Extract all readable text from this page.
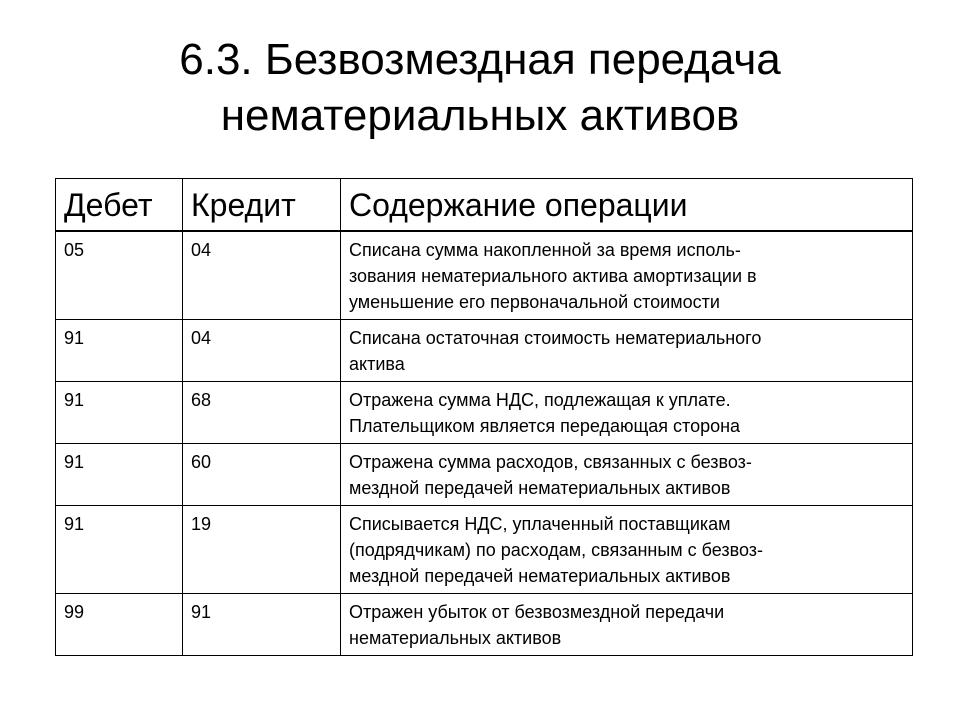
6.3. Безвозмездная передача
нематериальных активов
Дебет	Кредит	Содержание операции
05	04	Списана сумма накопленной за время исполь-
зования нематериального актива амортизации в
уменьшение его первоначальной стоимости
91	04	Списана остаточная стоимость нематериального
актива
91	68	Отражена сумма НДС, подлежащая к уплате.
Плательщиком является передающая сторона
91	60	Отражена сумма расходов, связанных с безвоз-
мездной передачей нематериальных активов
91	19	Списывается НДС, уплаченный поставщикам
(подрядчикам) по расходам, связанным с безвоз-
мездной передачей нематериальных активов
99	91	Отражен убыток от безвозмездной передачи
нематериальных активов
